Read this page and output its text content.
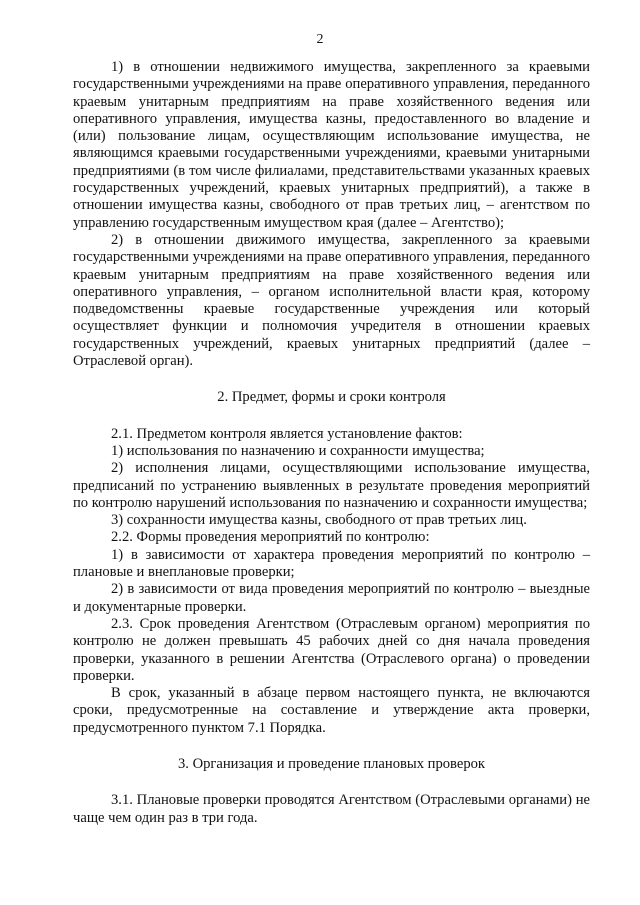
2

1) в отношении недвижимого имущества, закрепленного за краевыми государственными учреждениями на праве оперативного управления, переданного краевым унитарным предприятиям на праве хозяйственного ведения или оперативного управления, имущества казны, предоставленного во владение и (или) пользование лицам, осуществляющим использование имущества, не являющимся краевыми государственными учреждениями, краевыми унитарными предприятиями (в том числе филиалами, представительствами указанных краевых государственных учреждений, краевых унитарных предприятий), а также в отношении имущества казны, свободного от прав третьих лиц, – агентством по управлению государственным имуществом края (далее – Агентство);

2) в отношении движимого имущества, закрепленного за краевыми государственными учреждениями на праве оперативного управления, переданного краевым унитарным предприятиям на праве хозяйственного ведения или оперативного управления, – органом исполнительной власти края, которому подведомственны краевые государственные учреждения или который осуществляет функции и полномочия учредителя в отношении краевых государственных учреждений, краевых унитарных предприятий (далее – Отраслевой орган).

2. Предмет, формы и сроки контроля

2.1. Предметом контроля является установление фактов:

1) использования по назначению и сохранности имущества;

2) исполнения лицами, осуществляющими использование имущества, предписаний по устранению выявленных в результате проведения мероприятий по контролю нарушений использования по назначению и сохранности имущества;

3) сохранности имущества казны, свободного от прав третьих лиц.

2.2. Формы проведения мероприятий по контролю:

1) в зависимости от характера проведения мероприятий по контролю – плановые и внеплановые проверки;

2) в зависимости от вида проведения мероприятий по контролю – выездные и документарные проверки.

2.3. Срок проведения Агентством (Отраслевым органом) мероприятия по контролю не должен превышать 45 рабочих дней со дня начала проведения проверки, указанного в решении Агентства (Отраслевого органа) о проведении проверки.

В срок, указанный в абзаце первом настоящего пункта, не включаются сроки, предусмотренные на составление и утверждение акта проверки, предусмотренного пунктом 7.1 Порядка.

3. Организация и проведение плановых проверок

3.1. Плановые проверки проводятся Агентством (Отраслевыми органами) не чаще чем один раз в три года.
